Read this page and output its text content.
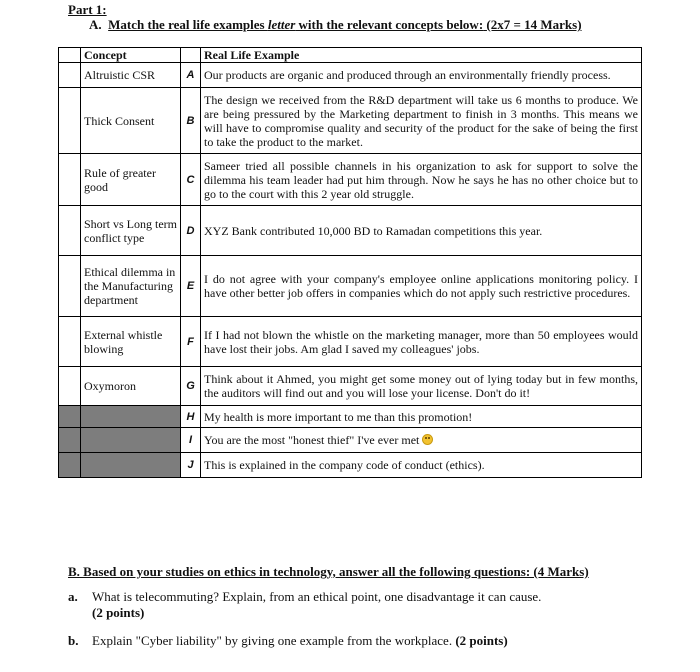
Part 1:
A. Match the real life examples letter with the relevant concepts below: (2x7 = 14 Marks)
	Concept		Real Life Example
	Altruistic CSR	A	Our products are organic and produced through an environmentally friendly process.
	Thick Consent	B	The design we received from the R&D department will take us 6 months to produce. We are being pressured by the Marketing department to finish in 3 months. This means we will have to compromise quality and security of the product for the sake of being the first to take the product to the market.
	Rule of greater good	C	Sameer tried all possible channels in his organization to ask for support to solve the dilemma his team leader had put him through. Now he says he has no other choice but to go to the court with this 2 year old struggle.
	Short vs Long term conflict type	D	XYZ Bank contributed 10,000 BD to Ramadan competitions this year.
	Ethical dilemma in the Manufacturing department	E	I do not agree with your company's employee online applications monitoring policy. I have other better job offers in companies which do not apply such restrictive procedures.
	External whistle blowing	F	If I had not blown the whistle on the marketing manager, more than 50 employees would have lost their jobs. Am glad I saved my colleagues' jobs.
	Oxymoron	G	Think about it Ahmed, you might get some money out of lying today but in few months, the auditors will find out and you will lose your license. Don't do it!
		H	My health is more important to me than this promotion!
		I	You are the most "honest thief" I've ever met
		J	This is explained in the company code of conduct (ethics).
B. Based on your studies on ethics in technology, answer all the following questions: (4 Marks)
a. What is telecommuting? Explain, from an ethical point, one disadvantage it can cause.
(2 points)
b. Explain "Cyber liability" by giving one example from the workplace. (2 points)
